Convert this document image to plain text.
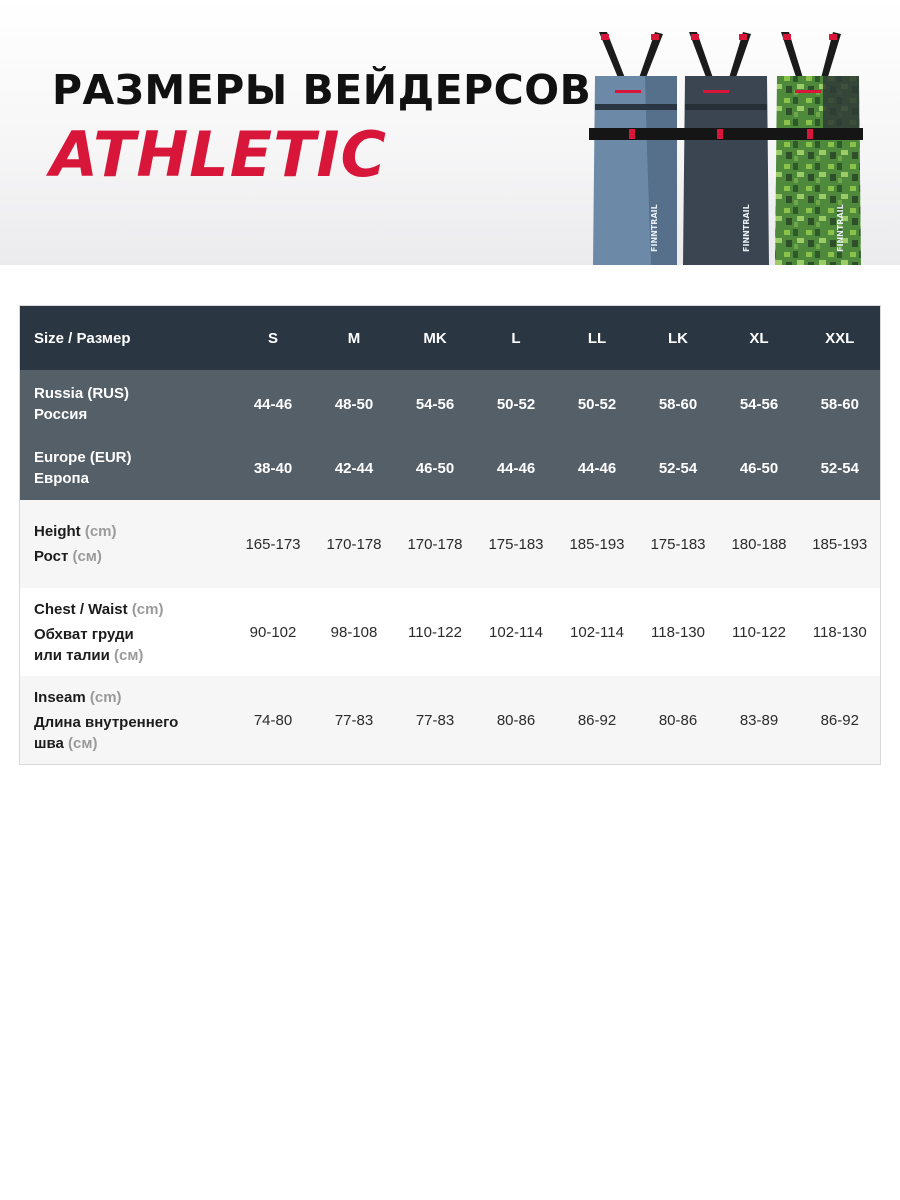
РАЗМЕРЫ ВЕЙДЕРСОВ
ATHLETIC
FINNTRAIL	FINNTRAIL	FINNTRAIL
Size / Размер	S	M	MK	L	LL	LK	XL	XXL

Russia (RUS)
Россия	44-46	48-50	54-56	50-52	50-52	58-60	54-56	58-60

Europe (EUR)
Европа	38-40	42-44	46-50	44-46	44-46	52-54	46-50	52-54

Height (cm)
Рост (см)	165-173	170-178	170-178	175-183	185-193	175-183	180-188	185-193

Chest / Waist (cm)
Обхват груди
или талии (см)	90-102	98-108	110-122	102-114	102-114	118-130	110-122	118-130

Inseam (cm)
Длина внутреннего
шва (см)	74-80	77-83	77-83	80-86	86-92	80-86	83-89	86-92
